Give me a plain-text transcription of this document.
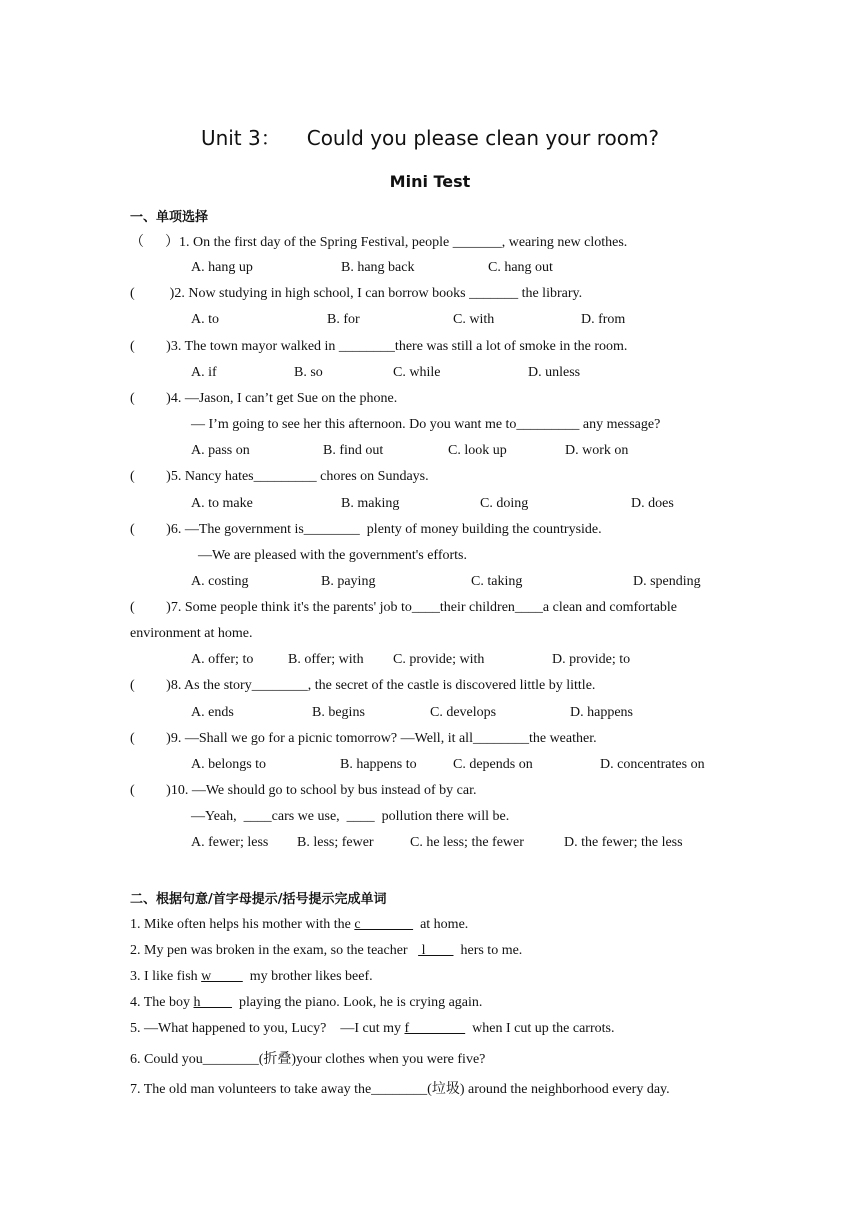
Unit 3： Could you please clean your room?
Mini Test
一、单项选择
（      ）1. On the first day of the Spring Festival, people _______, wearing new clothes.
A. hang up	B. hang back	C. hang out
(          )2. Now studying in high school, I can borrow books _______ the library.
A. to	B. for	C. with	D. from
(         )3. The town mayor walked in ________there was still a lot of smoke in the room.
A. if	B. so	C. while	D. unless
(         )4. —Jason, I can’t get Sue on the phone.
— I’m going to see her this afternoon. Do you want me to_________ any message?
A. pass on	B. find out	C. look up	D. work on
(         )5. Nancy hates_________ chores on Sundays.
A. to make	B. making	C. doing	D. does
(         )6. —The government is________  plenty of money building the countryside.
—We are pleased with the government's efforts.
A. costing	B. paying	C. taking	D. spending
(         )7. Some people think it's the parents' job to____their children____a clean and comfortable
environment at home.
A. offer; to B. offer; with C. provide; with	D. provide; to
(         )8. As the story________, the secret of the castle is discovered little by little.
A. ends	B. begins	C. develops	D. happens
(         )9. —Shall we go for a picnic tomorrow? —Well, it all________the weather.
A. belongs to	B. happens to	C. depends on	D. concentrates on
(         )10. —We should go to school by bus instead of by car.
—Yeah,  ____cars we use,  ____  pollution there will be.
A. fewer; less B. less; fewer	C. he less; the fewer	D. the fewer; the less
二、根据句意/首字母提示/括号提示完成单词
1. Mike often helps his mother with the c                 at home.
2. My pen was broken in the exam, so the teacher    l          hers to me.
3. I like fish w           my brother likes beef.
4. The boy h           playing the piano. Look, he is crying again.
5. —What happened to you, Lucy?    —I cut my f                  when I cut up the carrots.
6. Could you________(折叠)your clothes when you were five?
7. The old man volunteers to take away the________(垃圾) around the neighborhood every day.
